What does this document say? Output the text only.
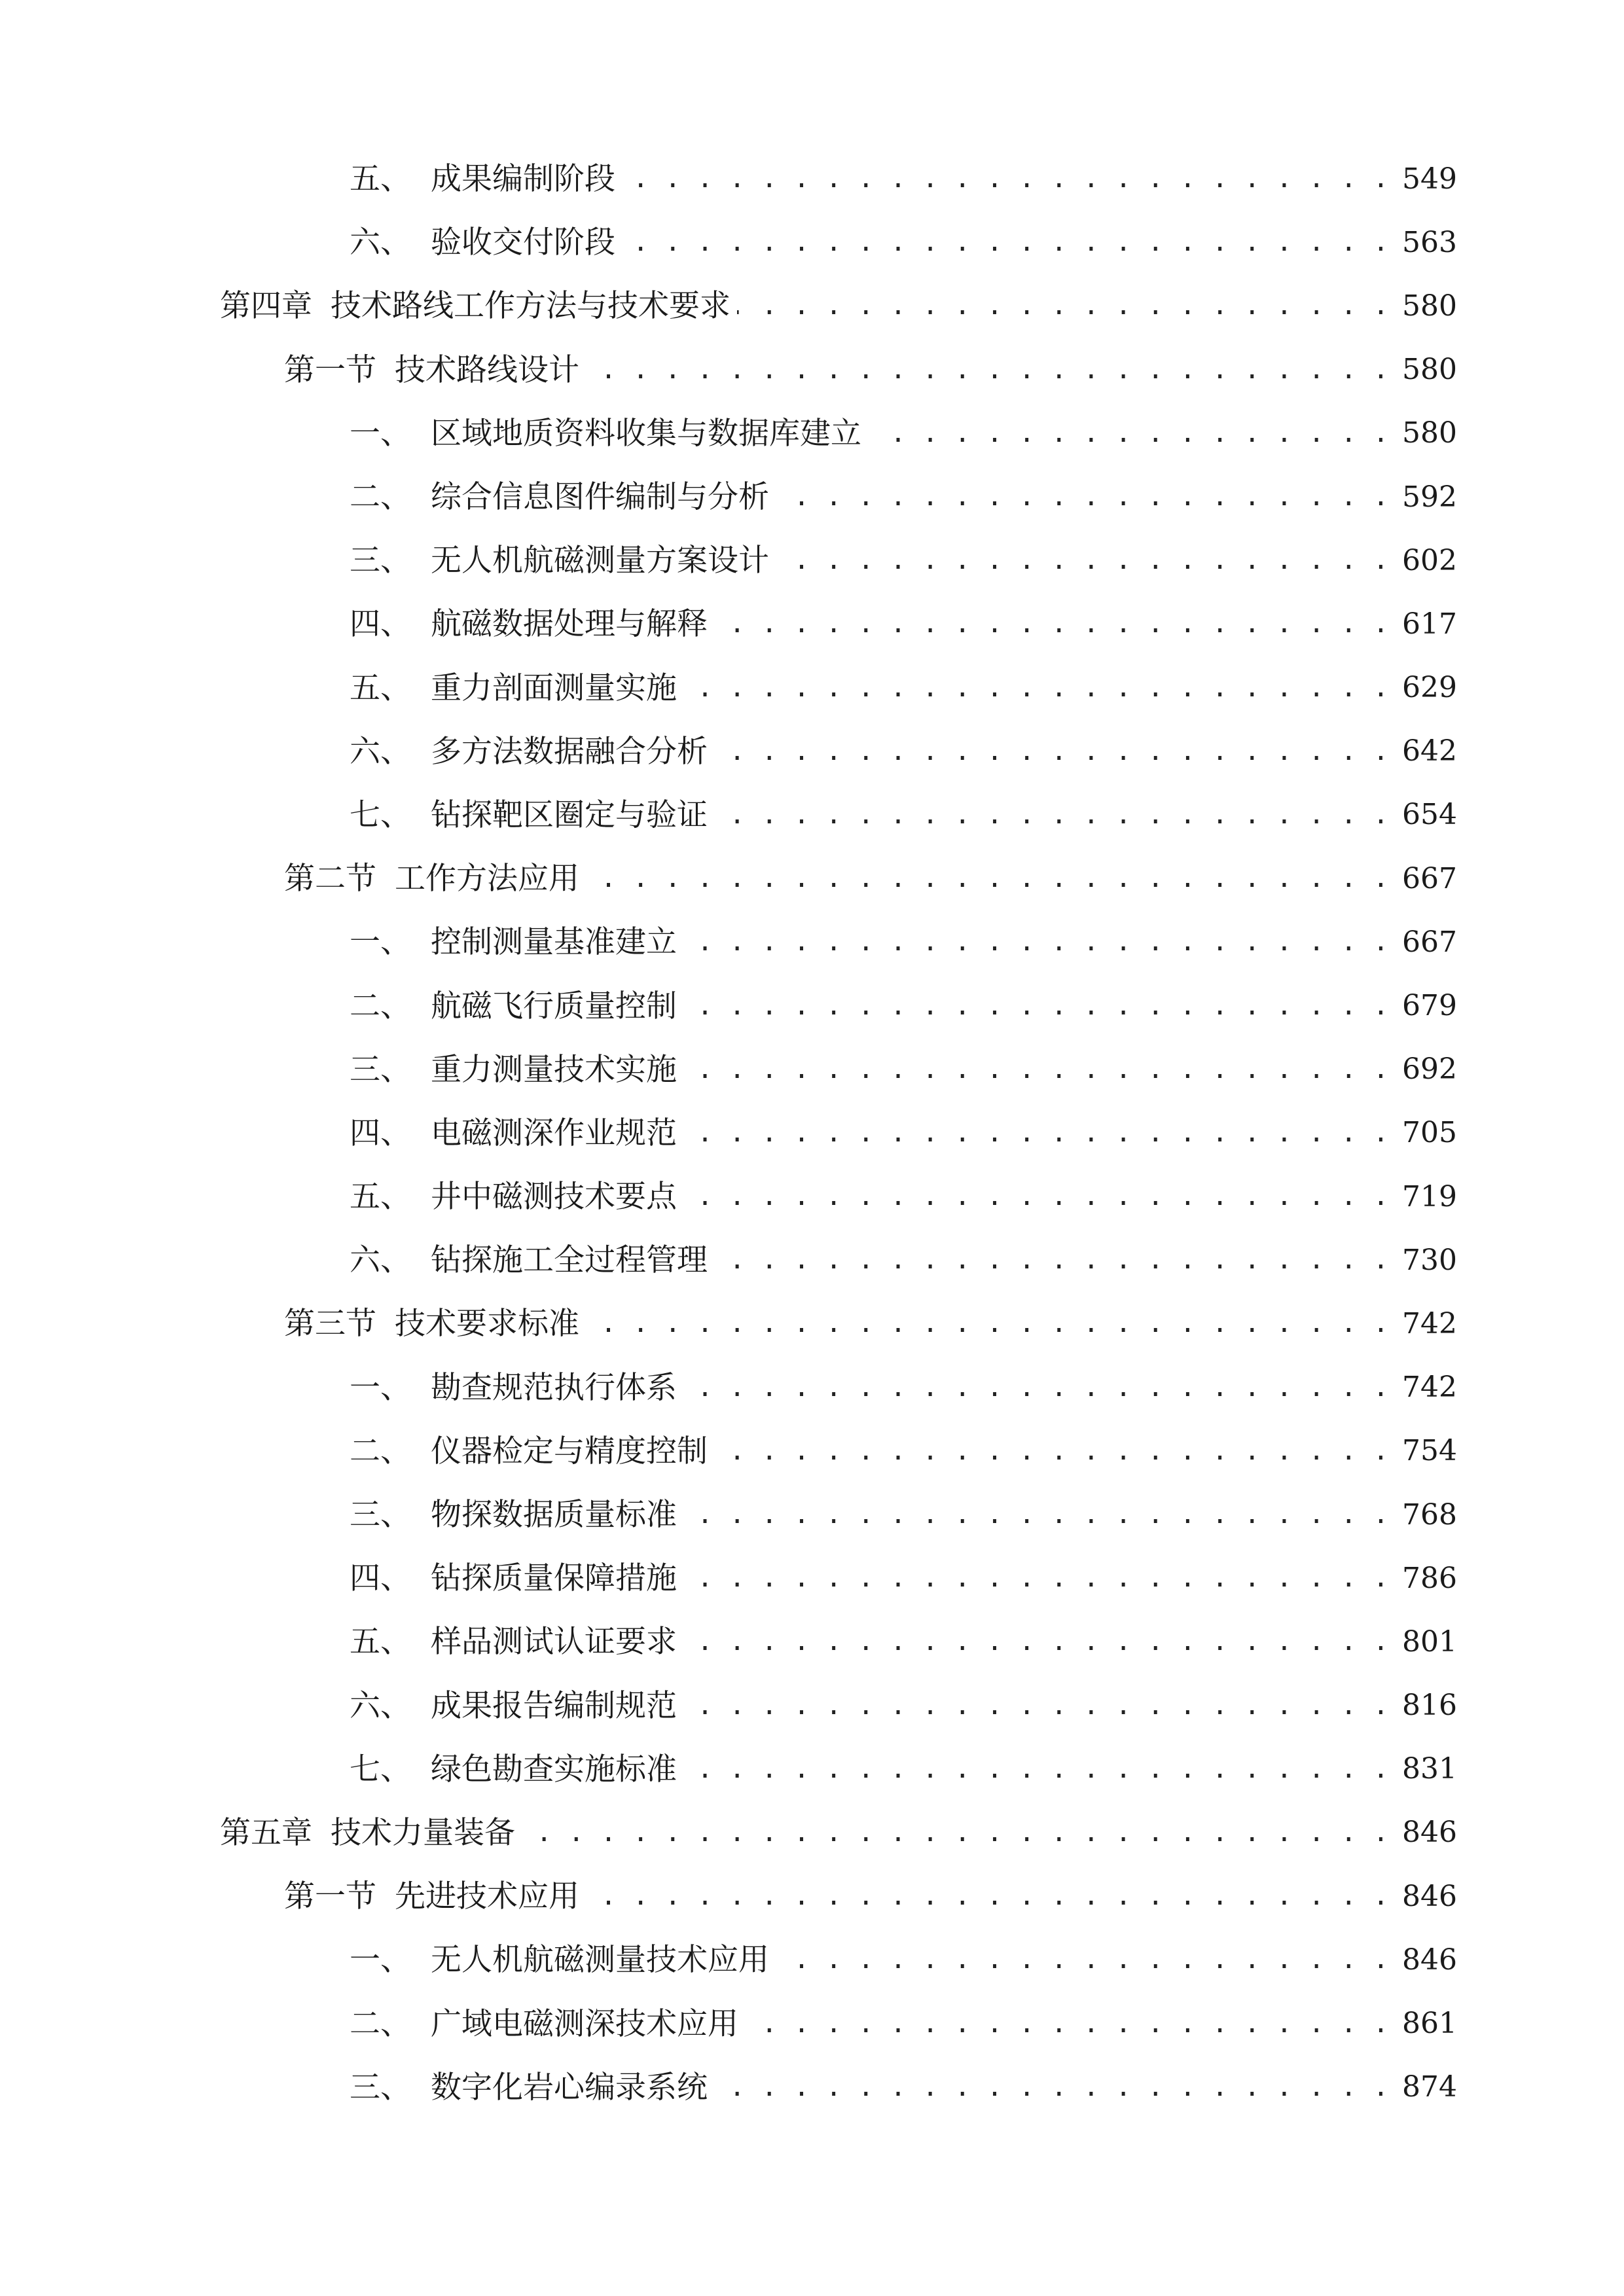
五、 成果编制阶段 . . .	549
六、 验收交付阶段 . . .	563
第四章 技术路线工作方法与技术要求 . . .	580
第一节 技术路线设计 . . .	580
一、 区域地质资料收集与数据库建立 . . .	580
二、 综合信息图件编制与分析 . . .	592
三、 无人机航磁测量方案设计 . . .	602
四、 航磁数据处理与解释 . . .	617
五、 重力剖面测量实施 . . .	629
六、 多方法数据融合分析 . . .	642
七、 钻探靶区圈定与验证 . . .	654
第二节 工作方法应用 . . .	667
一、 控制测量基准建立 . . .	667
二、 航磁飞行质量控制 . . .	679
三、 重力测量技术实施 . . .	692
四、 电磁测深作业规范 . . .	705
五、 井中磁测技术要点 . . .	719
六、 钻探施工全过程管理 . . .	730
第三节 技术要求标准 . . .	742
一、 勘查规范执行体系 . . .	742
二、 仪器检定与精度控制 . . .	754
三、 物探数据质量标准 . . .	768
四、 钻探质量保障措施 . . .	786
五、 样品测试认证要求 . . .	801
六、 成果报告编制规范 . . .	816
七、 绿色勘查实施标准 . . .	831
第五章 技术力量装备 . . .	846
第一节 先进技术应用 . . .	846
一、 无人机航磁测量技术应用 . . .	846
二、 广域电磁测深技术应用 . . .	861
三、 数字化岩心编录系统 . . .	874
